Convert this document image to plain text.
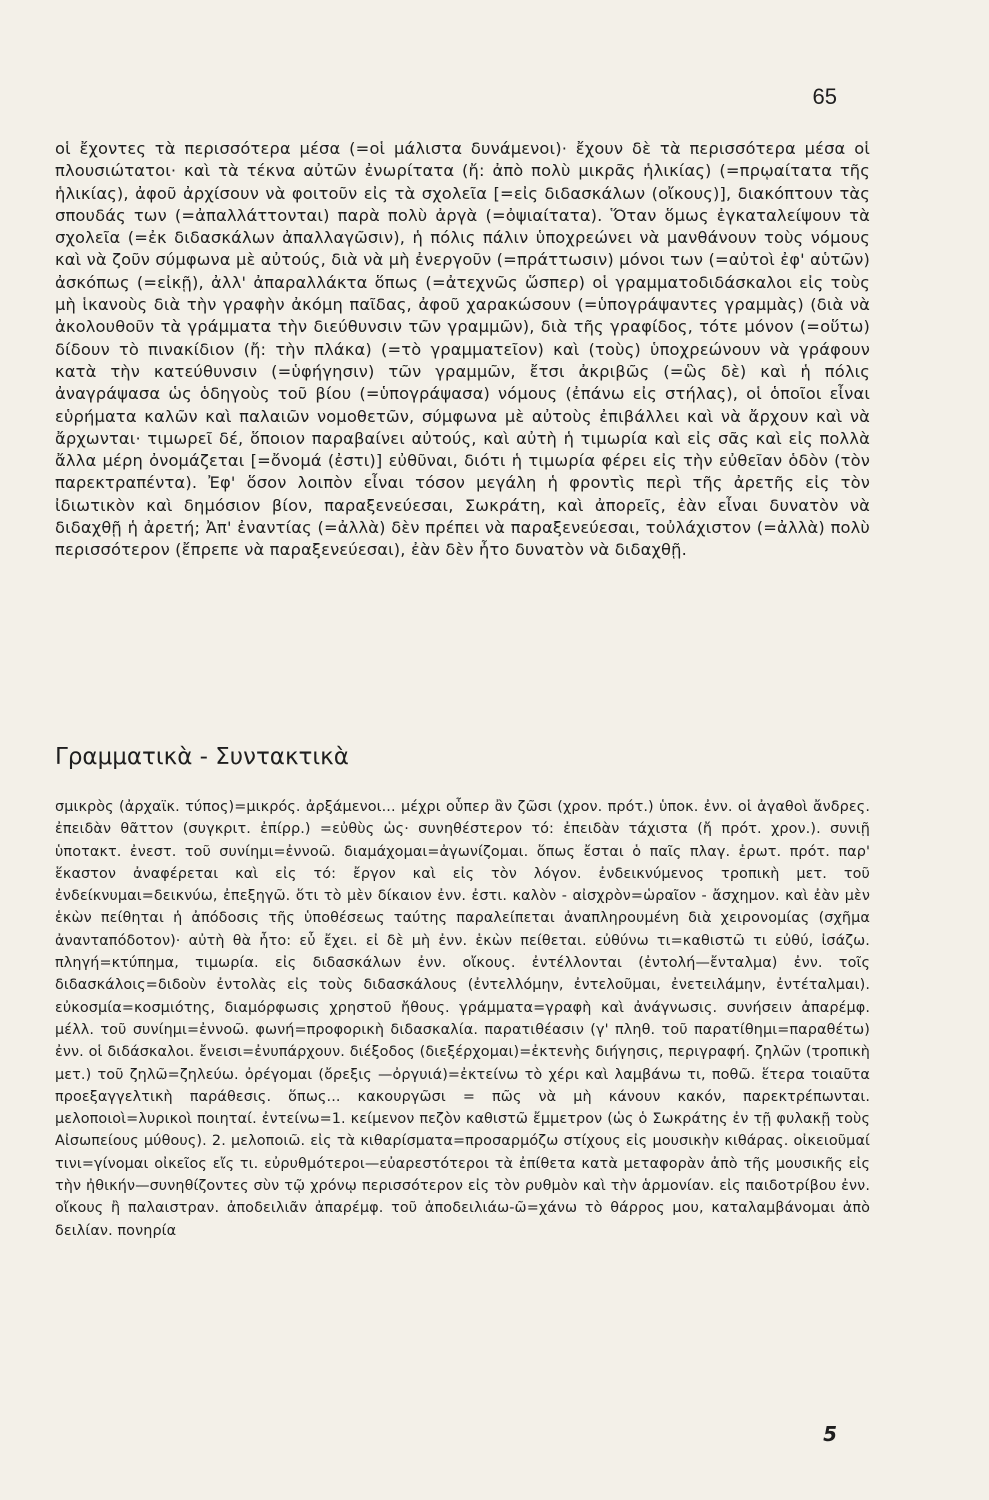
65

οἱ ἔχοντες τὰ περισσότερα μέσα (=οἱ μάλιστα δυνάμενοι)· ἔχουν δὲ τὰ περισσότερα μέσα οἱ πλουσιώτατοι· καὶ τὰ τέκνα αὐτῶν ἐνωρίτατα (ἤ: ἀπὸ πολὺ μικρᾶς ἡλικίας) (=πρῳαίτατα τῆς ἡλικίας), ἀφοῦ ἀρχίσουν νὰ φοιτοῦν εἰς τὰ σχολεῖα [=εἰς διδασκάλων (οἴκους)], διακόπτουν τὰς σπουδάς των (=ἀπαλλάττονται) παρὰ πολὺ ἀργὰ (=ὀψιαίτατα). Ὅταν ὅμως ἐγκαταλείψουν τὰ σχολεῖα (=ἐκ διδασκάλων ἀπαλλαγῶσιν), ἡ πόλις πάλιν ὑποχρεώνει νὰ μανθάνουν τοὺς νόμους καὶ νὰ ζοῦν σύμφωνα μὲ αὐτούς, διὰ νὰ μὴ ἐνεργοῦν (=πράττωσιν) μόνοι των (=αὐτοὶ ἐφ' αὑτῶν) ἀσκόπως (=εἰκῇ), ἀλλ' ἀπαραλλάκτα ὅπως (=ἀτεχνῶς ὥσπερ) οἱ γραμματοδιδάσκαλοι εἰς τοὺς μὴ ἱκανοὺς διὰ τὴν γραφὴν ἀκόμη παῖδας, ἀφοῦ χαρακώσουν (=ὑπογράψαντες γραμμὰς) (διὰ νὰ ἀκολουθοῦν τὰ γράμματα τὴν διεύθυνσιν τῶν γραμμῶν), διὰ τῆς γραφίδος, τότε μόνον (=οὕτω) δίδουν τὸ πινακίδιον (ἤ: τὴν πλάκα) (=τὸ γραμματεῖον) καὶ (τοὺς) ὑποχρεώνουν νὰ γράφουν κατὰ τὴν κατεύθυνσιν (=ὑφήγησιν) τῶν γραμμῶν, ἔτσι ἀκριβῶς (=ὣς δὲ) καὶ ἡ πόλις ἀναγράψασα ὡς ὁδηγοὺς τοῦ βίου (=ὑπογράψασα) νόμους (ἐπάνω εἰς στήλας), οἱ ὁποῖοι εἶναι εὑρήματα καλῶν καὶ παλαιῶν νομοθετῶν, σύμφωνα μὲ αὐτοὺς ἐπιβάλλει καὶ νὰ ἄρχουν καὶ νὰ ἄρχωνται· τιμωρεῖ δέ, ὅποιον παραβαίνει αὐτούς, καὶ αὐτὴ ἡ τιμωρία καὶ εἰς σᾶς καὶ εἰς πολλὰ ἄλλα μέρη ὀνομάζεται [=ὄνομά (ἐστι)] εὐθῦναι, διότι ἡ τιμωρία φέρει εἰς τὴν εὐθεῖαν ὁδὸν (τὸν παρεκτραπέντα). Ἐφ' ὅσον λοιπὸν εἶναι τόσον μεγάλη ἡ φροντὶς περὶ τῆς ἀρετῆς εἰς τὸν ἰδιωτικὸν καὶ δημόσιον βίον, παραξενεύεσαι, Σωκράτη, καὶ ἀπορεῖς, ἐὰν εἶναι δυνατὸν νὰ διδαχθῇ ἡ ἀρετή; Ἀπ' ἐναντίας (=ἀλλὰ) δὲν πρέπει νὰ παραξενεύεσαι, τοὐλάχιστον (=ἀλλὰ) πολὺ περισσότερον (ἔπρεπε νὰ παραξενεύεσαι), ἐὰν δὲν ἦτο δυνατὸν νὰ διδαχθῇ.

Γραμματικὰ - Συντακτικὰ

σμικρὸς (ἀρχαϊκ. τύπος)=μικρός. ἀρξάμενοι... μέχρι οὗπερ ἂν ζῶσι (χρον. πρότ.) ὑποκ. ἐνν. οἱ ἀγαθοὶ ἄνδρες. ἐπειδὰν θᾶττον (συγκριτ. ἐπίρρ.) =εὐθὺς ὡς· συνηθέστερον τό: ἐπειδὰν τάχιστα (ἤ πρότ. χρον.). συνιῇ ὑποτακτ. ἐνεστ. τοῦ συνίημι=ἐννοῶ. διαμάχομαι=ἀγωνίζομαι. ὅπως ἔσται ὁ παῖς πλαγ. ἐρωτ. πρότ. παρ' ἕκαστον ἀναφέρεται καὶ εἰς τό: ἔργον καὶ εἰς τὸν λόγον. ἐνδεικνύμενος τροπικὴ μετ. τοῦ ἐνδείκνυμαι=δεικνύω, ἐπεξηγῶ. ὅτι τὸ μὲν δίκαιον ἐνν. ἐστι. καλὸν - αἰσχρὸν=ὡραῖον - ἄσχημον. καὶ ἐὰν μὲν ἑκὼν πείθηται ἡ ἀπόδοσις τῆς ὑποθέσεως ταύτης παραλείπεται ἀναπληρουμένη διὰ χειρονομίας (σχῆμα ἀνανταπόδοτον)· αὐτὴ θὰ ἦτο: εὖ ἔχει. εἰ δὲ μὴ ἐνν. ἑκὼν πείθεται. εὐθύνω τι=καθιστῶ τι εὐθύ, ἰσάζω. πληγή=κτύπημα, τιμωρία. εἰς διδασκάλων ἐνν. οἴκους. ἐντέλλονται (ἐντολή—ἔνταλμα) ἐνν. τοῖς διδασκάλοις=διδοὺν ἐντολὰς εἰς τοὺς διδασκάλους (ἐντελλόμην, ἐντελοῦμαι, ἐνετειλάμην, ἐντέταλμαι). εὐκοσμία=κοσμιότης, διαμόρφωσις χρηστοῦ ἤθους. γράμματα=γραφὴ καὶ ἀνάγνωσις. συνήσειν ἀπαρέμφ. μέλλ. τοῦ συνίημι=ἐννοῶ. φωνή=προφορικὴ διδασκαλία. παρατιθέασιν (γ' πληθ. τοῦ παρατίθημι=παραθέτω) ἐνν. οἱ διδάσκαλοι. ἔνεισι=ἐνυπάρχουν. διέξοδος (διεξέρχομαι)=ἐκτενὴς διήγησις, περιγραφή. ζηλῶν (τροπικὴ μετ.) τοῦ ζηλῶ=ζηλεύω. ὀρέγομαι (ὄρεξις —ὀργυιά)=ἐκτείνω τὸ χέρι καὶ λαμβάνω τι, ποθῶ. ἕτερα τοιαῦτα προεξαγγελτικὴ παράθεσις. ὅπως... κακουργῶσι = πῶς νὰ μὴ κάνουν κακόν, παρεκτρέπωνται. μελοποιοὶ=λυρικοὶ ποιηταί. ἐντείνω=1. κείμενον πεζὸν καθιστῶ ἔμμετρον (ὡς ὁ Σωκράτης ἐν τῇ φυλακῇ τοὺς Αἰσωπείους μύθους). 2. μελοποιῶ. εἰς τὰ κιθαρίσματα=προσαρμόζω στίχους εἰς μουσικὴν κιθάρας. οἰκειοῦμαί τινι=γίνομαι οἰκεῖος εἴς τι. εὐρυθμότεροι—εὐαρεστότεροι τὰ ἐπίθετα κατὰ μεταφορὰν ἀπὸ τῆς μουσικῆς εἰς τὴν ἠθικήν—συνηθίζοντες σὺν τῷ χρόνῳ περισσότερον εἰς τὸν ρυθμὸν καὶ τὴν ἁρμονίαν. εἰς παιδοτρίβου ἐνν. οἴκους ἢ παλαιστραν. ἀποδειλιᾶν ἀπαρέμφ. τοῦ ἀποδειλιάω-ῶ=χάνω τὸ θάρρος μου, καταλαμβάνομαι ἀπὸ δειλίαν. πονηρία

5
